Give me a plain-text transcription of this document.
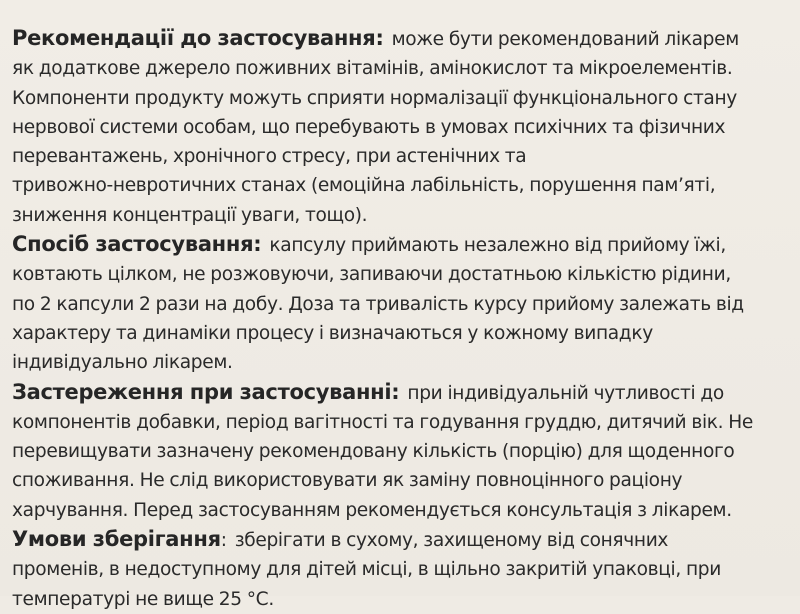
Рекомендації до застосування: може бути рекомендований лікарем
як додаткове джерело поживних вітамінів, амінокислот та мікроелементів.
Компоненти продукту можуть сприяти нормалізації функціонального стану
нервової системи особам, що перебувають в умовах психічних та фізичних
перевантажень, хронічного стресу, при астенічних та
тривожно-невротичних станах (емоційна лабільність, порушення пам’яті,
зниження концентрації уваги, тощо).
Спосіб застосування: капсулу приймають незалежно від прийому їжі,
ковтають цілком, не розжовуючи, запиваючи достатньою кількістю рідини,
по 2 капсули 2 рази на добу. Доза та тривалість курсу прийому залежать від
характеру та динаміки процесу і визначаються у кожному випадку
індивідуально лікарем.
Застереження при застосуванні: при індивідуальній чутливості до
компонентів добавки, період вагітності та годування груддю, дитячий вік. Не
перевищувати зазначену рекомендовану кількість (порцію) для щоденного
споживання. Не слід використовувати як заміну повноцінного раціону
харчування. Перед застосуванням рекомендується консультація з лікарем.
Умови зберігання: зберігати в сухому, захищеному від сонячних
променів, в недоступному для дітей місці, в щільно закритій упаковці, при
температурі не вище 25 °С.
